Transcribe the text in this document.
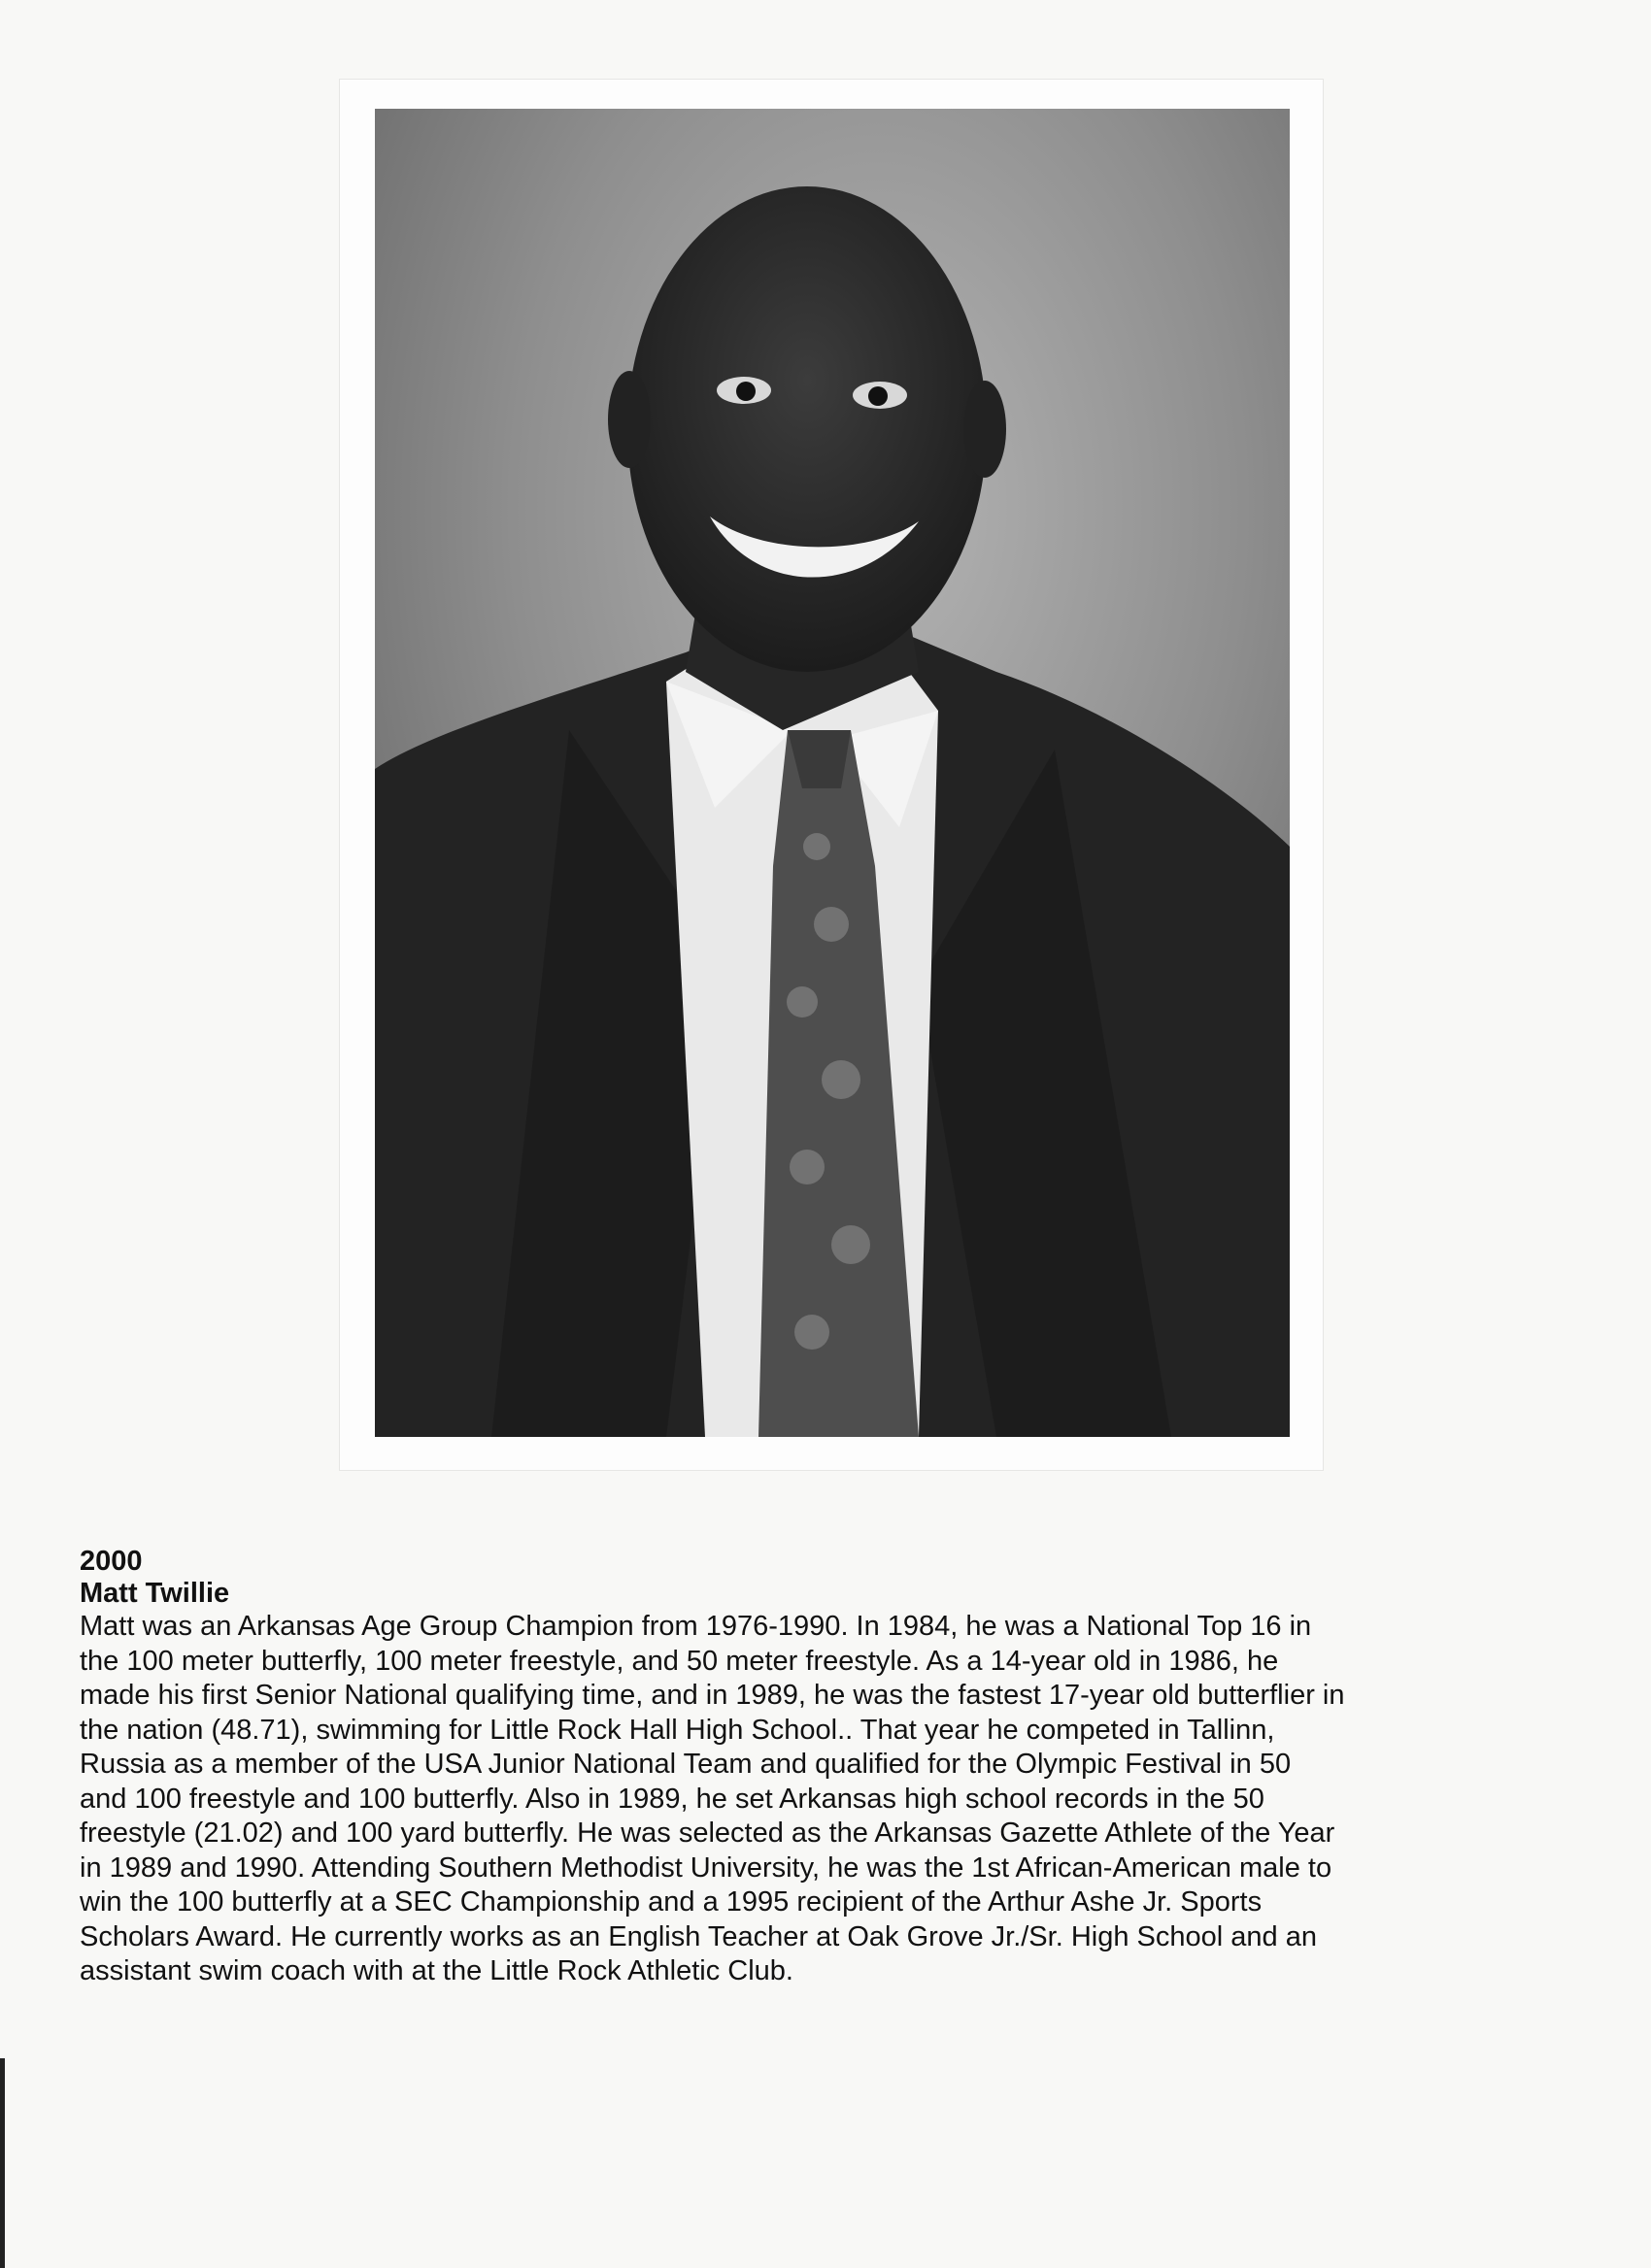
2000
Matt Twillie
Matt was an Arkansas Age Group Champion from 1976-1990. In 1984, he was a National Top 16 in
the 100 meter butterfly, 100 meter freestyle, and 50 meter freestyle. As a 14-year old in 1986, he
made his first Senior National qualifying time, and in 1989, he was the fastest 17-year old butterflier in
the nation (48.71), swimming for Little Rock Hall High School.. That year he competed in Tallinn,
Russia as a member of the USA Junior National Team and qualified for the Olympic Festival in 50
and 100 freestyle and 100 butterfly. Also in 1989, he set Arkansas high school records in the 50
freestyle (21.02) and 100 yard butterfly. He was selected as the Arkansas Gazette Athlete of the Year
in 1989 and 1990. Attending Southern Methodist University, he was the 1st African-American male to
win the 100 butterfly at a SEC Championship and a 1995 recipient of the Arthur Ashe Jr. Sports
Scholars Award. He currently works as an English Teacher at Oak Grove Jr./Sr. High School and an
assistant swim coach with at the Little Rock Athletic Club.
